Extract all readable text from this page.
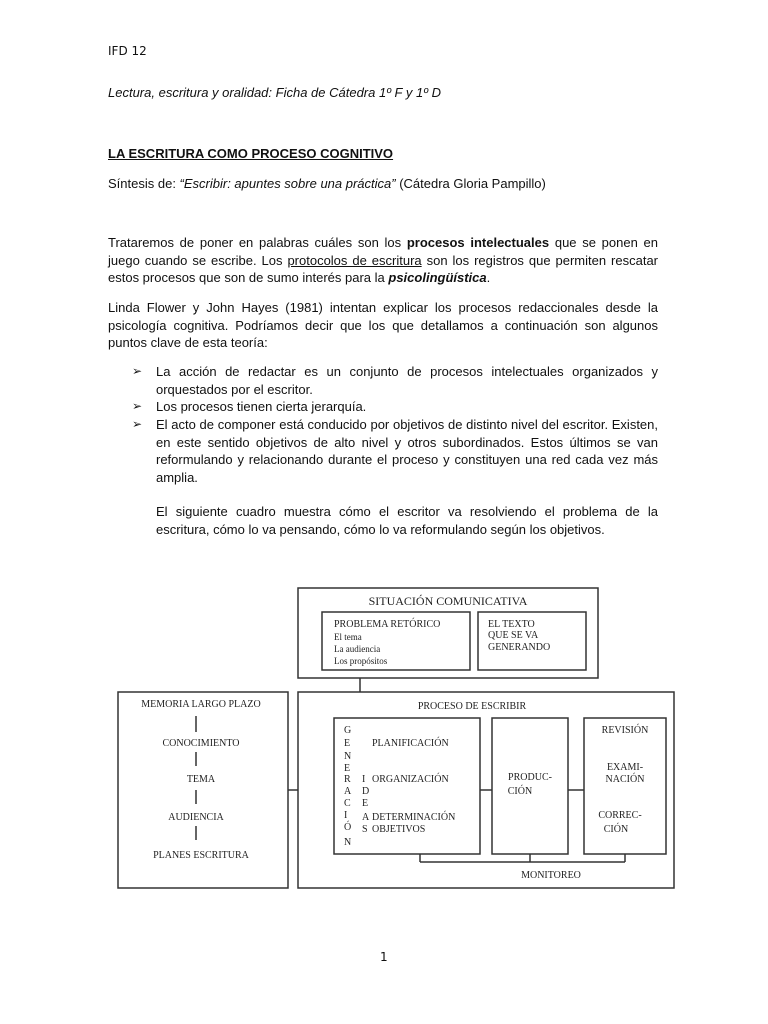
IFD 12
Lectura, escritura y oralidad: Ficha de Cátedra 1º F y 1º D
LA ESCRITURA COMO PROCESO COGNITIVO
Síntesis de: “Escribir: apuntes sobre una práctica” (Cátedra Gloria Pampillo)
Trataremos de poner en palabras cuáles son los procesos intelectuales que se ponen en juego cuando se escribe. Los protocolos de escritura son los registros que permiten rescatar estos procesos que son de sumo interés para la psicolingüística.
Linda Flower y John Hayes (1981) intentan explicar los procesos redaccionales desde la psicología cognitiva. Podríamos decir que los que detallamos a continuación son algunos puntos clave de esta teoría:
➢ La acción de redactar es un conjunto de procesos intelectuales organizados y orquestados por el escritor.
➢ Los procesos tienen cierta jerarquía.
➢ El acto de componer está conducido por objetivos de distinto nivel del escritor. Existen, en este sentido objetivos de alto nivel y otros subordinados. Estos últimos se van reformulando y relacionando durante el proceso y constituyen una red cada vez más amplia.
El siguiente cuadro muestra cómo el escritor va resolviendo el problema de la escritura, cómo lo va pensando, cómo lo va reformulando según los objetivos.
SITUACIÓN COMUNICATIVA
PROBLEMA RETÓRICO
El tema
La audiencia
Los propósitos
EL TEXTO
QUE SE VA
GENERANDO
MEMORIA LARGO PLAZO
CONOCIMIENTO
TEMA
AUDIENCIA
PLANES ESCRITURA
PROCESO DE ESCRIBIR
G
E
N
E
R
A
C
I
Ó
N
PLANIFICACIÓN
I ORGANIZACIÓN
D
E
A DETERMINACIÓN
S OBJETIVOS
PRODUC-
CIÓN
REVISIÓN
EXAMI-
NACIÓN
CORREC-
CIÓN
MONITOREO
1
